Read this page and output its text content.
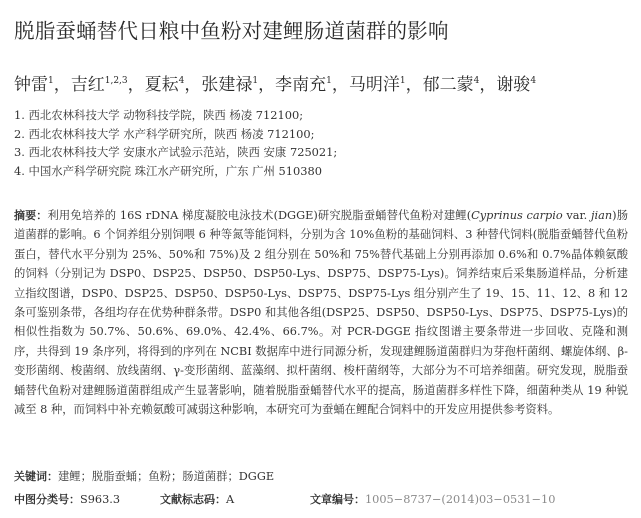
脱脂蚕蛹替代日粮中鱼粉对建鲤肠道菌群的影响
钟雷$^1$，吉红$^{1,2,3}$，夏耘$^4$，张建禄$^1$，李南充$^1$，马明洋$^1$，郁二蒙$^4$，谢骏$^4$
1. 西北农林科技大学 动物科技学院，陕西 杨凌 712100;
2. 西北农林科技大学 水产科学研究所，陕西 杨凌 712100;
3. 西北农林科技大学 安康水产试验示范站，陕西 安康 725021;
4. 中国水产科学研究院 珠江水产研究所，广东 广州 510380
摘要：利用免培养的 16S rDNA 梯度凝胶电泳技术(DGGE)研究脱脂蚕蛹替代鱼粉对建鲤(Cyprinus carpio var. jian)肠道菌群的影响。6 个饲养组分别饲喂 6 种等氮等能饲料，分别为含 10%鱼粉的基础饲料、3 种替代饲料(脱脂蚕蛹替代鱼粉蛋白，替代水平分别为 25%、50%和 75%)及 2 组分别在 50%和 75%替代基础上分别再添加 0.6%和 0.7%晶体赖氨酸的饲料（分别记为 DSP0、DSP25、DSP50、DSP50-Lys、DSP75、DSP75-Lys)。饲养结束后采集肠道样品，分析建立指纹图谱，DSP0、DSP25、DSP50、DSP50-Lys、DSP75、DSP75-Lys 组分别产生了 19、15、11、12、8 和 12 条可鉴别条带，各组均存在优势种群条带。DSP0 和其他各组(DSP25、DSP50、DSP50-Lys、DSP75、DSP75-Lys)的相似性指数为 50.7%、50.6%、69.0%、42.4%、66.7%。对 PCR-DGGE 指纹图谱主要条带进一步回收、克隆和测序，共得到 19 条序列，将得到的序列在 NCBI 数据库中进行同源分析，发现建鲤肠道菌群归为芽孢杆菌纲、螺旋体纲、β-变形菌纲、梭菌纲、放线菌纲、γ-变形菌纲、蓝藻纲、拟杆菌纲、梭杆菌纲等，大部分为不可培养细菌。研究发现，脱脂蚕蛹替代鱼粉对建鲤肠道菌群组成产生显著影响，随着脱脂蚕蛹替代水平的提高，肠道菌群多样性下降，细菌种类从 19 种锐减至 8 种，而饲料中补充赖氨酸可减弱这种影响，本研究可为蚕蛹在鲤配合饲料中的开发应用提供参考资料。
关键词：建鲤；脱脂蚕蛹；鱼粉；肠道菌群；DGGE
中图分类号：S963.3	文献标志码：A	文章编号：1005−8737−(2014)03−0531−10
